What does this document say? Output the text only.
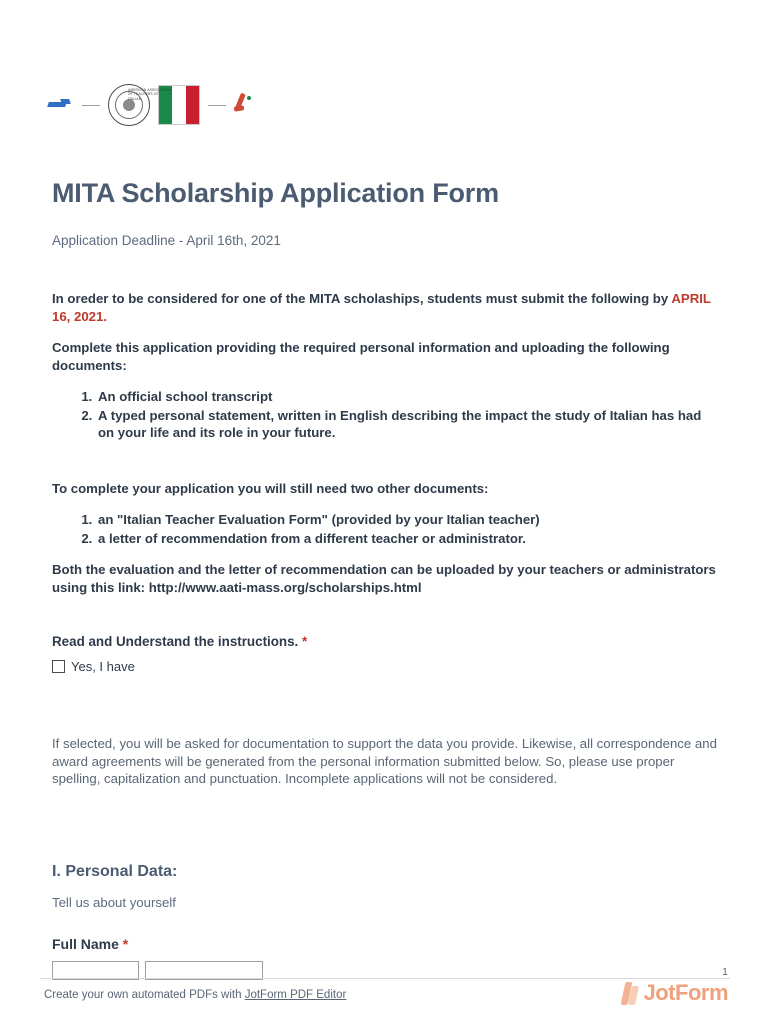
AMERICAN ASSOCIATION OF TEACHERS OF ITALIAN
MITA Scholarship Application Form
Application Deadline - April 16th, 2021

In oreder to be considered for one of the MITA scholaships, students must submit the following by APRIL 16, 2021.

Complete this application providing the required personal information and uploading the following documents:

1. An official school transcript
2. A typed personal statement, written in English describing the impact the study of Italian has had on your life and its role in your future.

To complete your application you will still need two other documents:

1. an "Italian Teacher Evaluation Form" (provided by your Italian teacher)
2. a letter of recommendation from a different teacher or administrator.

Both the evaluation and the letter of recommendation can be uploaded by your teachers or administrators using this link: http://www.aati-mass.org/scholarships.html

Read and Understand the instructions. *
Yes, I have

If selected, you will be asked for documentation to support the data you provide. Likewise, all correspondence and award agreements will be generated from the personal information submitted below. So, please use proper spelling, capitalization and punctuation. Incomplete applications will not be considered.

I. Personal Data:
Tell us about yourself
Full Name *
1
Create your own automated PDFs with JotForm PDF Editor	JotForm
